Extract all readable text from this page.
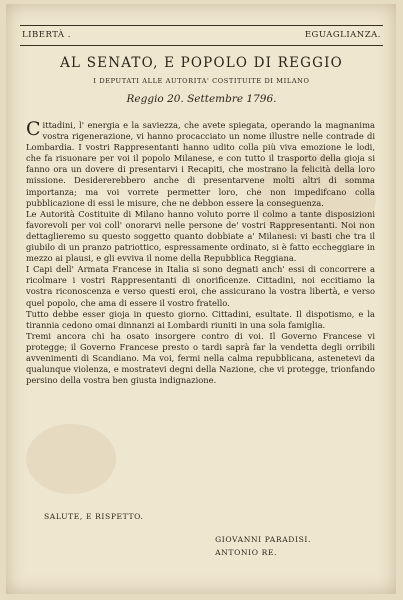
LIBERTÀ .	EGUAGLIANZA.
AL SENATO, E POPOLO DI REGGIO
I DEPUTATI ALLE AUTORITA' COSTITUITE DI MILANO
Reggio 20. Settembre 1796.

Cittadini, l' energia e la saviezza, che avete spiegata, operando la magnanima vostra rigenerazione, vi hanno procacciato un nome illustre nelle contrade di Lombardia. I vostri Rappresentanti hanno udito colla più viva emozione le lodi, che fa risuonare per voi il popolo Milanese, e con tutto il trasporto della gioja si fanno ora un dovere di presentarvi i Recapiti, che mostrano la felicità della loro missione. Desidererebbero anche di presentarvene molti altri di somma importanza; ma voi vorrete permetter loro, che non impedifcano colla pubblicazione di essi le misure, che ne debbon essere la conseguenza.

Le Autorità Costituite di Milano hanno voluto porre il colmo a tante disposizioni favorevoli per voi coll' onorarvi nelle persone de' vostri Rappresentanti. Noi non dettaglieremo su questo soggetto quanto dobbiate a' Milanesi: vi basti che tra il giubilo di un pranzo patriottico, espressamente ordinato, si è fatto eccheggiare in mezzo ai plausi, e gli evviva il nome della Repubblica Reggiana.

I Capi dell' Armata Francese in Italia si sono degnati anch' essi di concorrere a ricolmare i vostri Rappresentanti di onorificenze. Cittadini, noi eccitiamo la vostra riconoscenza e verso questi eroi, che assicurano la vostra libertà, e verso quel popolo, che ama di essere il vostro fratello.

Tutto debbe esser gioja in questo giorno. Cittadini, esultate. Il dispotismo, e la tirannia cedono omai dinnanzi ai Lombardi riuniti in una sola famiglia.

Tremi ancora chi ha osato insorgere contro di voi. Il Governo Francese vi protegge; il Governo Francese presto o tardi saprà far la vendetta degli orribili avvenimenti di Scandiano. Ma voi, fermi nella calma repubblicana, astenetevi da qualunque violenza, e mostratevi degni della Nazione, che vi protegge, trionfando persino della vostra ben giusta indignazione.

SALUTE, E RISPETTO.
GIOVANNI PARADISI.
ANTONIO RE.
